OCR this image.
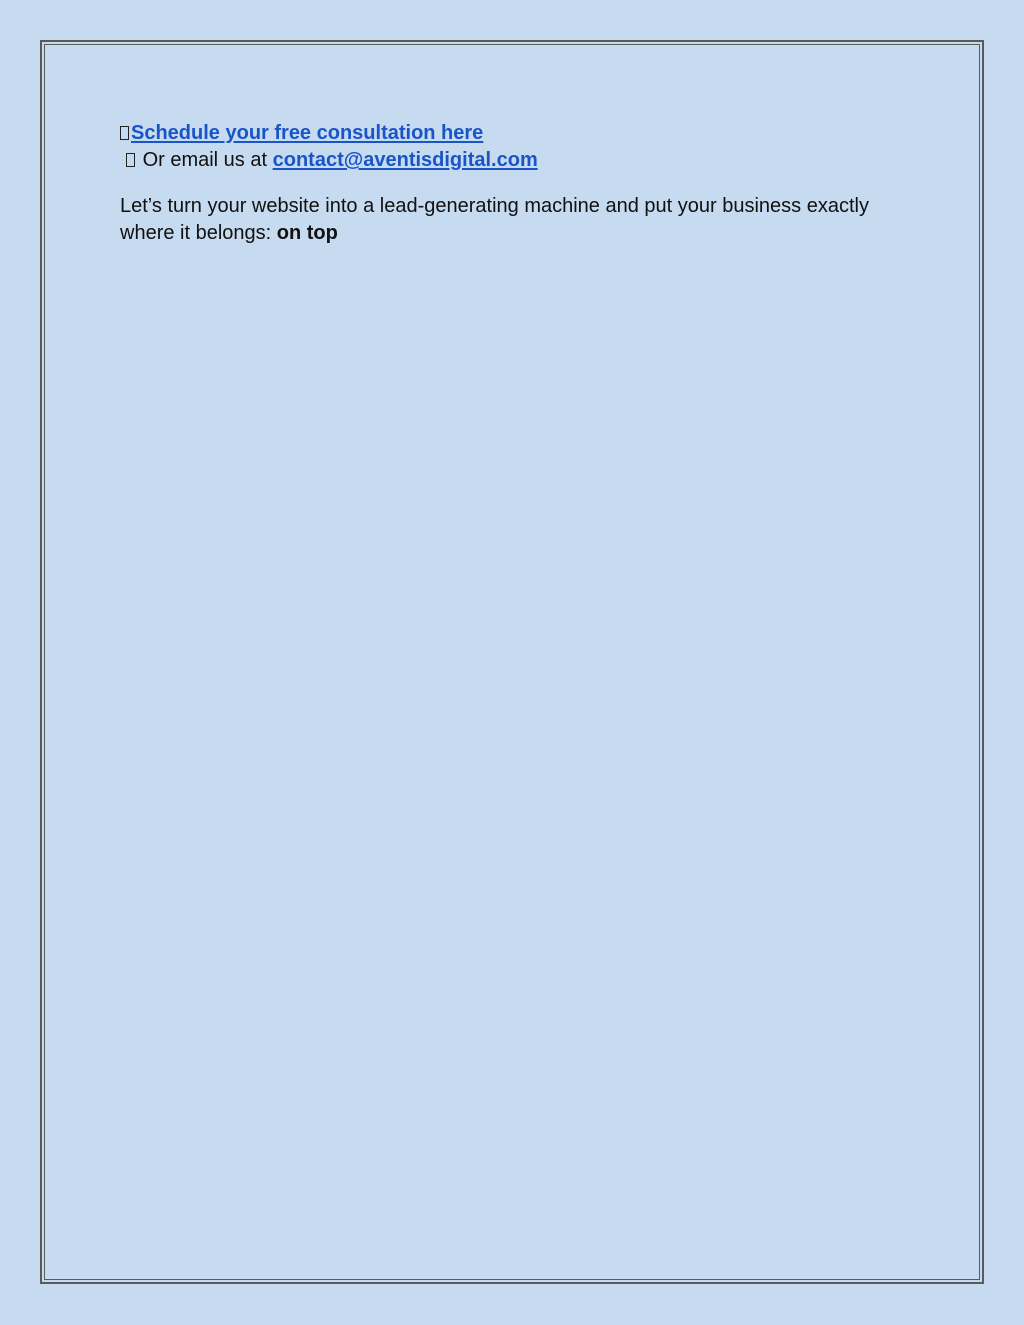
Schedule your free consultation here
Or email us at contact@aventisdigital.com

Let’s turn your website into a lead-generating machine and put your business exactly where it belongs: on top
